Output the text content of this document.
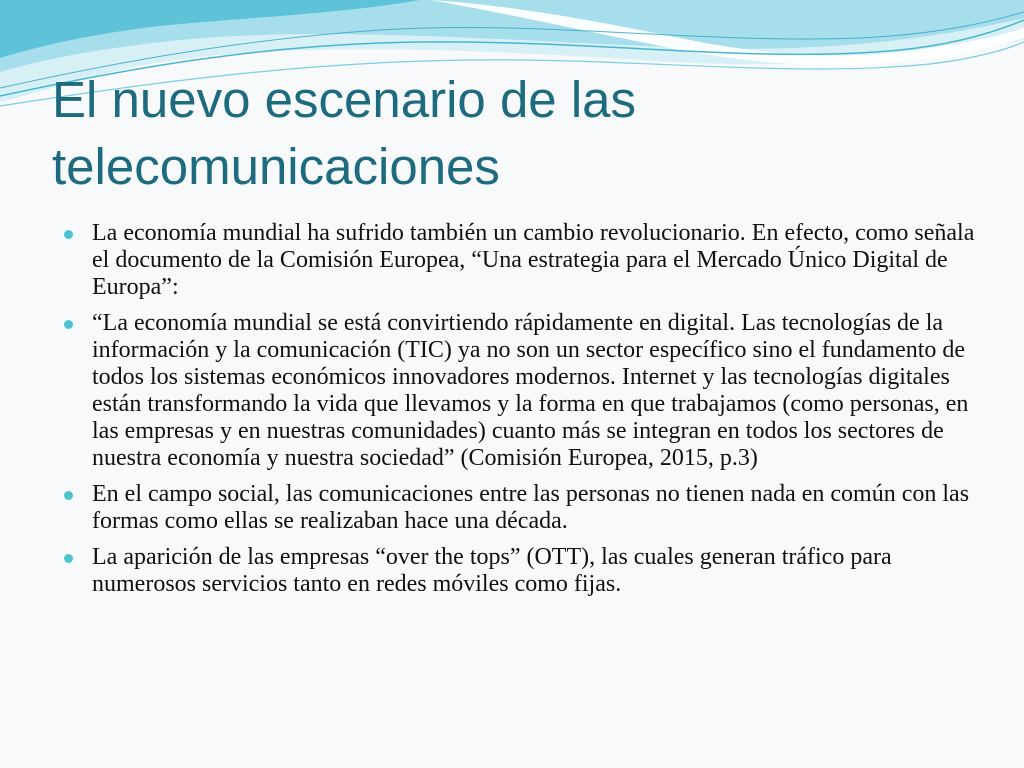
El nuevo escenario de las
telecomunicaciones
La economía mundial ha sufrido también un cambio revolucionario. En efecto, como señala el documento de la Comisión Europea, “Una estrategia para el Mercado Único Digital de Europa”:
“La economía mundial se está convirtiendo rápidamente en digital. Las tecnologías de la información y la comunicación (TIC) ya no son un sector específico sino el fundamento de todos los sistemas económicos innovadores modernos. Internet y las tecnologías digitales están transformando la vida que llevamos y la forma en que trabajamos (como personas, en las empresas y en nuestras comunidades) cuanto más se integran en todos los sectores de nuestra economía y nuestra sociedad” (Comisión Europea, 2015, p.3)
En el campo social, las comunicaciones entre las personas no tienen nada en común con las formas como ellas se realizaban hace una década.
La aparición de las empresas “over the tops” (OTT), las cuales generan tráfico para numerosos servicios tanto en redes móviles como fijas.
